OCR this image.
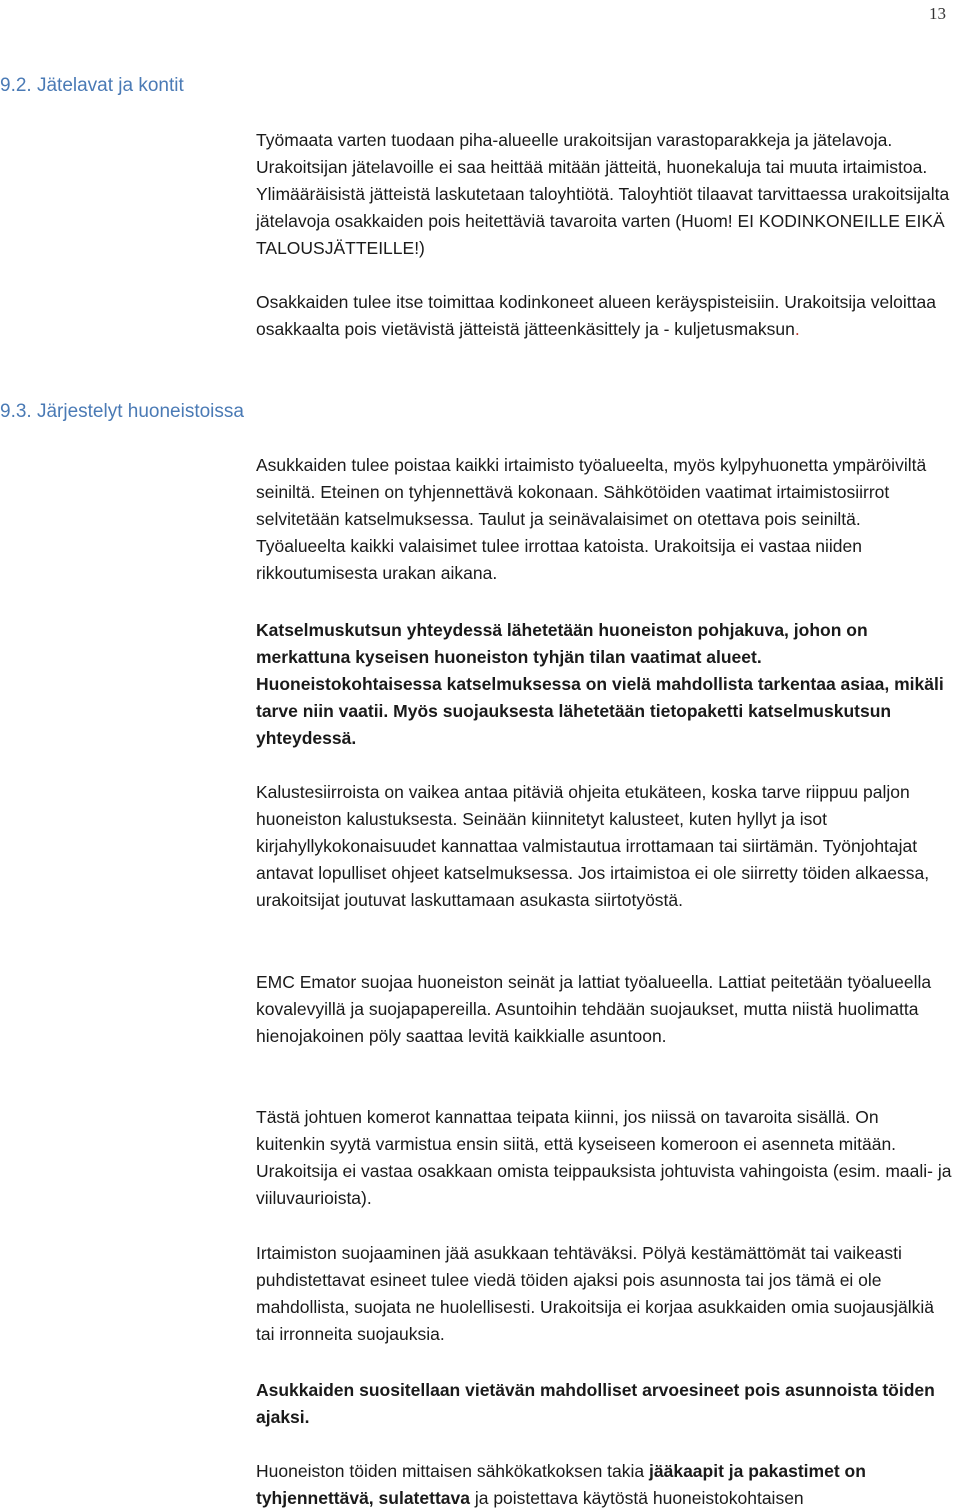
13
9.2. Jätelavat ja kontit
9.3. Järjestelyt huoneistoissa

Työmaata varten tuodaan piha-alueelle urakoitsijan varastoparakkeja ja jätelavoja. Urakoitsijan jätelavoille ei saa heittää mitään jätteitä, huonekaluja tai muuta irtaimistoa. Ylimääräisistä jätteistä laskutetaan taloyhtiötä. Taloyhtiöt tilaavat tarvittaessa urakoitsijalta jätelavoja osakkaiden pois heitettäviä tavaroita varten (Huom! EI KODINKONEILLE EIKÄ TALOUSJÄTTEILLE!)

Osakkaiden tulee itse toimittaa kodinkoneet alueen keräyspisteisiin. Urakoitsija veloittaa osakkaalta pois vietävistä jätteistä jätteenkäsittely ja - kuljetusmaksun.

Asukkaiden tulee poistaa kaikki irtaimisto työalueelta, myös kylpyhuonetta ympäröiviltä seiniltä. Eteinen on tyhjennettävä kokonaan. Sähkötöiden vaatimat irtaimistosiirrot selvitetään katselmuksessa. Taulut ja seinävalaisimet on otettava pois seiniltä. Työalueelta kaikki valaisimet tulee irrottaa katoista. Urakoitsija ei vastaa niiden rikkoutumisesta urakan aikana.

Katselmuskutsun yhteydessä lähetetään huoneiston pohjakuva, johon on merkattuna kyseisen huoneiston tyhjän tilan vaatimat alueet. Huoneistokohtaisessa katselmuksessa on vielä mahdollista tarkentaa asiaa, mikäli tarve niin vaatii. Myös suojauksesta lähetetään tietopaketti katselmuskutsun yhteydessä.

Kalustesiirroista on vaikea antaa pitäviä ohjeita etukäteen, koska tarve riippuu paljon huoneiston kalustuksesta. Seinään kiinnitetyt kalusteet, kuten hyllyt ja isot kirjahyllykokonaisuudet kannattaa valmistautua irrottamaan tai siirtämän. Työnjohtajat antavat lopulliset ohjeet katselmuksessa. Jos irtaimistoa ei ole siirretty töiden alkaessa, urakoitsijat joutuvat laskuttamaan asukasta siirtotyöstä.

EMC Emator suojaa huoneiston seinät ja lattiat työalueella. Lattiat peitetään työalueella kovalevyillä ja suojapapereilla. Asuntoihin tehdään suojaukset, mutta niistä huolimatta hienojakoinen pöly saattaa levitä kaikkialle asuntoon.

Tästä johtuen komerot kannattaa teipata kiinni, jos niissä on tavaroita sisällä. On kuitenkin syytä varmistua ensin siitä, että kyseiseen komeroon ei asenneta mitään. Urakoitsija ei vastaa osakkaan omista teippauksista johtuvista vahingoista (esim. maali- ja viiluvaurioista).

Irtaimiston suojaaminen jää asukkaan tehtäväksi. Pölyä kestämättömät tai vaikeasti puhdistettavat esineet tulee viedä töiden ajaksi pois asunnosta tai jos tämä ei ole mahdollista, suojata ne huolellisesti. Urakoitsija ei korjaa asukkaiden omia suojausjälkiä tai irronneita suojauksia.

Asukkaiden suositellaan vietävän mahdolliset arvoesineet pois asunnoista töiden ajaksi.

Huoneiston töiden mittaisen sähkökatkoksen takia jääkaapit ja pakastimet on tyhjennettävä, sulatettava ja poistettava käytöstä huoneistokohtaisen
